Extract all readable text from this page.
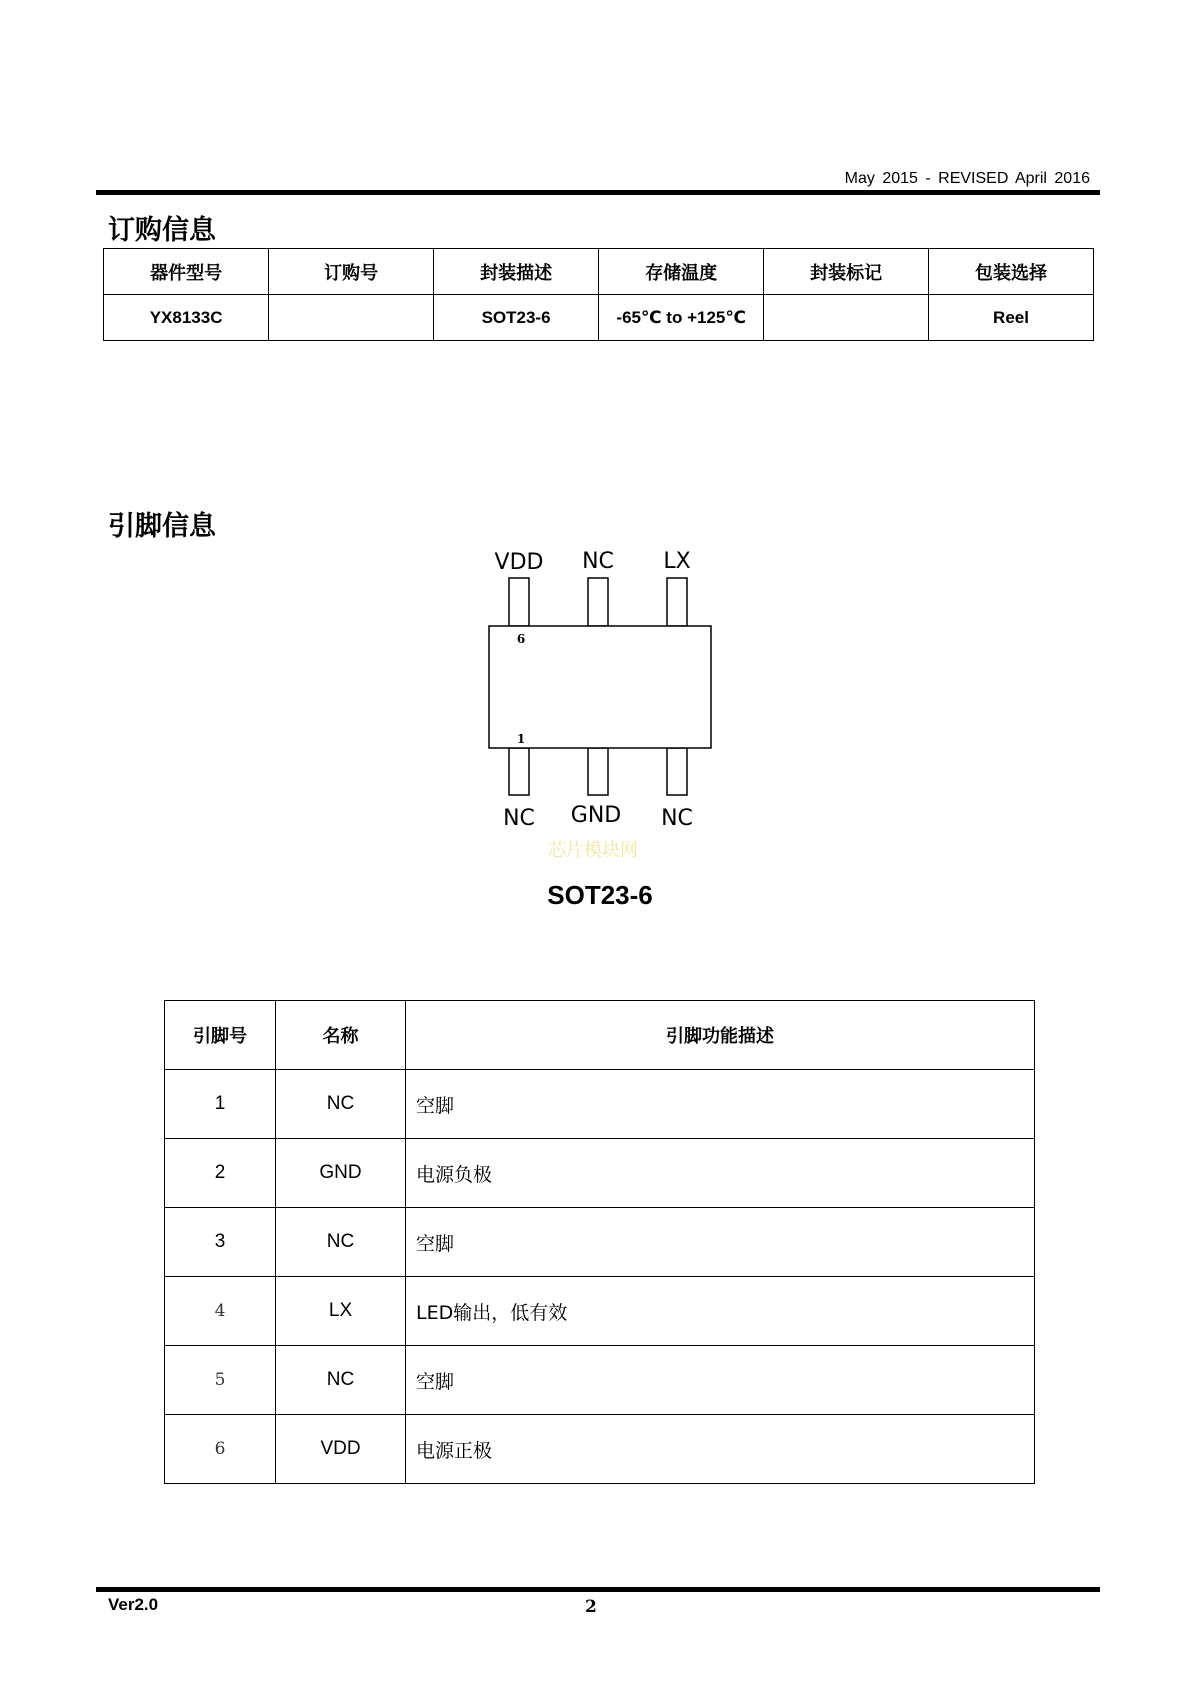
May 2015 - REVISED April 2016
订购信息
器件型号	订购号	封装描述	存储温度	封装标记	包装选择
YX8133C		SOT23-6	-65℃ to +125℃		Reel
引脚信息
VDD NC LX
NC GND NC
6
1
芯片模块网
SOT23-6
引脚号	名称	引脚功能描述
1	NC	空脚
2	GND	电源负极
3	NC	空脚
4	LX	LED输出，低有效
5	NC	空脚
6	VDD	电源正极
Ver2.0	2
